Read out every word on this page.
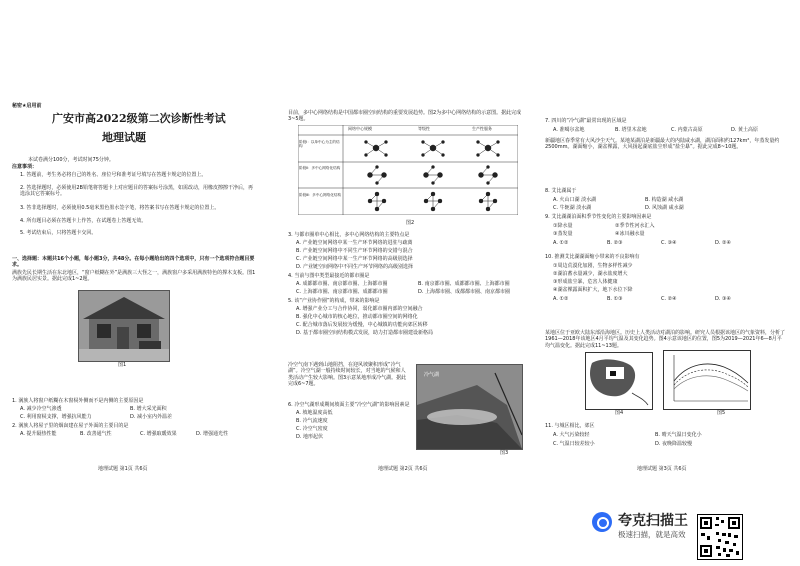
秘密★启用前
广安市高2022级第二次诊断性考试
地理试题
本试卷满分100分，考试时间75分钟。
注意事项：
1. 答题前，考生务必将自己的姓名、座位号和准考证号填写在答题卡规定的位置上。
2. 答选择题时，必须使用2B铅笔将答题卡上对应题目的答案标号涂黑，如需改动，用橡皮擦擦干净后，再选涂其它答案标号。
3. 答非选择题时，必须使用0.5毫米黑色墨水签字笔，将答案书写在答题卡规定的位置上。
4. 所有题目必须在答题卡上作答，在试题卷上答题无效。
5. 考试结束后，只将答题卡交回。
一、选择题：本题共16个小题，每小题3分，共48分。在每小题给出的四个选项中，只有一个选项符合题目要求。
满族先民长期生活在东北地区，“窗户纸糊在外”是满族三大怪之一，满族窗户多采用满族特色的撑木支板。图1为满族民居实景。据此完成1~2题。
图1
1. 满族人将窗户纸糊在木窗棂外侧而不是内侧的主要原因是
A. 减少冷空气渗透	B. 增大采光面积
C. 利用窗棂支撑，增强抗风能力	D. 减小室内外温差
2. 满族人将屋子里的烟囱建在屋子外面的主要目的是
A. 提升隔热性能	B. 改善通气性	C. 增强取暖效果	D. 增强通光性
地理试题 第1页 共6页
目前，多中心网络结构是中国都市圈空间结构的重要发展趋势。图2为多中心网络结构的示意图。据此完成3~5题。
网络中心规模	等级性	生产性服务
阶段Ⅰ：以单中心为主的结构
阶段Ⅱ：多中心网络化结构
阶段Ⅲ：多中心网络化结构
图2
3. 与都市圈单中心相比，多中心网络结构的主要特点是
A. 产业链空间网络中某一生产环节网络的进驻与疏离
B. 产业链空间网络中不同生产环节网络的交错与混合
C. 产业链空间网络中某一生产环节网络的高级别选择
D. 产业链空间网络中不同生产环节网络的高级别选择
4. 当前与图中类型最接近的都市圈是
A. 成都都市圈、南京都市圈、上海都市圈	B. 南京都市圈、成都都市圈、上海都市圈
C. 上海都市圈、南京都市圈、成都都市圈	D. 上海都市圈、成都都市圈、南京都市圈
5. 该“产业协作圈”的构成，带来的影响是
A. 增强产业分工与合作协同，弱化都市圈内部的空间融合
B. 强化中心城市的核心地位，推动都市圈空间的网络化
C. 配合城市落后发展较为缓慢，中心城镇的功能向郊区转移
D. 基于都市圈空间结构模式发展，助力打造都市圈建设新格局
冷空气南下遇到山地阻挡，在迎风坡聚积形成“冷气湖”。冷空气湖一般持续时间较长，对当地的气候和人类活动产生较大影响。图3示意某地形成冷气湖。据此完成6~7题。
冷气湖
图3
6. 冷空气湖形成期间坡面主要“冷空气湖”的影响因素是
A. 坡地温度高低
B. 冷气流速度
C. 冷空气密度
D. 地形起伏
地理试题 第2页 共6页
7. 四川的“冷气湖”最常出现的区域是
A. 准噶尔盆地	B. 塔里木盆地	C. 内蒙古高原	D. 黄土高原
新疆地区春季常有大风沙尘天气。某地某湖泊是新疆最大的内陆咸水湖，湖泊面积约127km²，年蒸发量约2500mm。湖面缩小，湖盆裸露，大风扬起湖底盐尘形成“盐尘暴”。据此完成8~10题。
8. 艾比湖属于
A. 火山口湖 淡水湖	B. 构造湖 咸水湖
C. 牛轭湖 淡水湖	D. 风蚀湖 咸水湖
9. 艾比湖湖泊面积季节性变化的主要影响因素是
①降水量	②季节性河水汇入
③蒸发量	④冰川融水量
A. ①②	B. ②③	C. ③④	D. ②④
10. 推测艾比湖湖面缩小带来的不良影响有
①周边荒漠化加剧，生物多样性减少
②湖泊蓄水量减少，湖水盐度增大
③形成盐尘暴，危害人体健康
④湖盆裸露面积扩大，地下水位下降
A. ①②	B. ①③	C. ②④	D. ③④
某地区位于亚欧大陆东部沿海地区。历史上人类活动对湖泊的影响。研究人员根据该地区的气象资料，分析了1961—2018年该地区4月平均气温及其变化趋势。图4示意该地区的位置，图5为2019—2021年6—8月平均气温变化。据此完成11~13题。
图4	图5
11. 与城区相比，郊区
A. 大气污染较轻	B. 晴天气温日变化小
C. 气温日较差较小	D. 夜晚降温较慢
地理试题 第3页 共6页
夸克扫描王
极速扫描，就是高效
